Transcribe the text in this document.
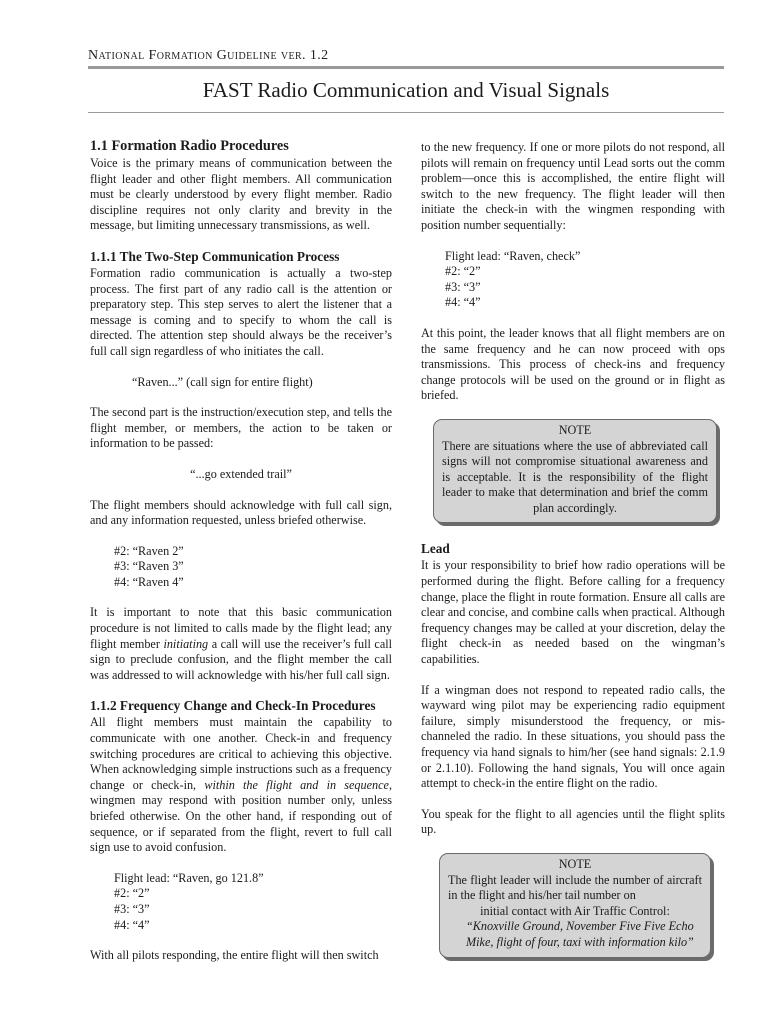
National Formation Guideline ver. 1.2
FAST Radio Communication and Visual Signals
1.1 Formation Radio Procedures

Voice is the primary means of communication between the flight leader and other flight members. All communication must be clearly understood by every flight member. Radio discipline requires not only clarity and brevity in the message, but limiting unnecessary transmissions, as well.

1.1.1 The Two-Step Communication Process

Formation radio communication is actually a two-step process. The first part of any radio call is the attention or preparatory step. This step serves to alert the listener that a message is coming and to specify to whom the call is directed. The attention step should always be the receiver’s full call sign regardless of who initiates the call.

“Raven...” (call sign for entire flight)

The second part is the instruction/execution step, and tells the flight member, or members, the action to be taken or information to be passed:

“...go extended trail”

The flight members should acknowledge with full call sign, and any information requested, unless briefed otherwise.

#2: “Raven 2”
#3: “Raven 3”
#4: “Raven 4”

It is important to note that this basic communication procedure is not limited to calls made by the flight lead; any flight member initiating a call will use the receiver’s full call sign to preclude confusion, and the flight member the call was addressed to will acknowledge with his/her full call sign.

1.1.2 Frequency Change and Check-In Procedures

All flight members must maintain the capability to communicate with one another. Check-in and frequency switching procedures are critical to achieving this objective. When acknowledging simple instructions such as a frequency change or check-in, within the flight and in sequence, wingmen may respond with position number only, unless briefed otherwise. On the other hand, if responding out of sequence, or if separated from the flight, revert to full call sign use to avoid confusion.

Flight lead: “Raven, go 121.8”
#2: “2”
#3: “3”
#4: “4”

With all pilots responding, the entire flight will then switch

to the new frequency. If one or more pilots do not respond, all pilots will remain on frequency until Lead sorts out the comm problem—once this is accomplished, the entire flight will switch to the new frequency. The flight leader will then initiate the check-in with the wingmen responding with position number sequentially:

Flight lead: “Raven, check”
#2: “2”
#3: “3”
#4: “4”

At this point, the leader knows that all flight members are on the same frequency and he can now proceed with ops transmissions. This process of check-ins and frequency change protocols will be used on the ground or in flight as briefed.

NOTE
There are situations where the use of abbreviated call signs will not compromise situational awareness and is acceptable. It is the responsibility of the flight leader to make that determination and brief the comm plan accordingly.
Lead

It is your responsibility to brief how radio operations will be performed during the flight. Before calling for a frequency change, place the flight in route formation. Ensure all calls are clear and concise, and combine calls when practical. Although frequency changes may be called at your discretion, delay the flight check-in as needed based on the wingman’s capabilities.

If a wingman does not respond to repeated radio calls, the wayward wing pilot may be experiencing radio equipment failure, simply misunderstood the frequency, or mis-channeled the radio. In these situations, you should pass the frequency via hand signals to him/her (see hand signals: 2.1.9 or 2.1.10). Following the hand signals, You will once again attempt to check-in the entire flight on the radio.

You speak for the flight to all agencies until the flight splits up.

NOTE
The flight leader will include the number of aircraft in the flight and his/her tail number on
initial contact with Air Traffic Control:
“Knoxville Ground, November Five Five Echo Mike, flight of four, taxi with information kilo”
